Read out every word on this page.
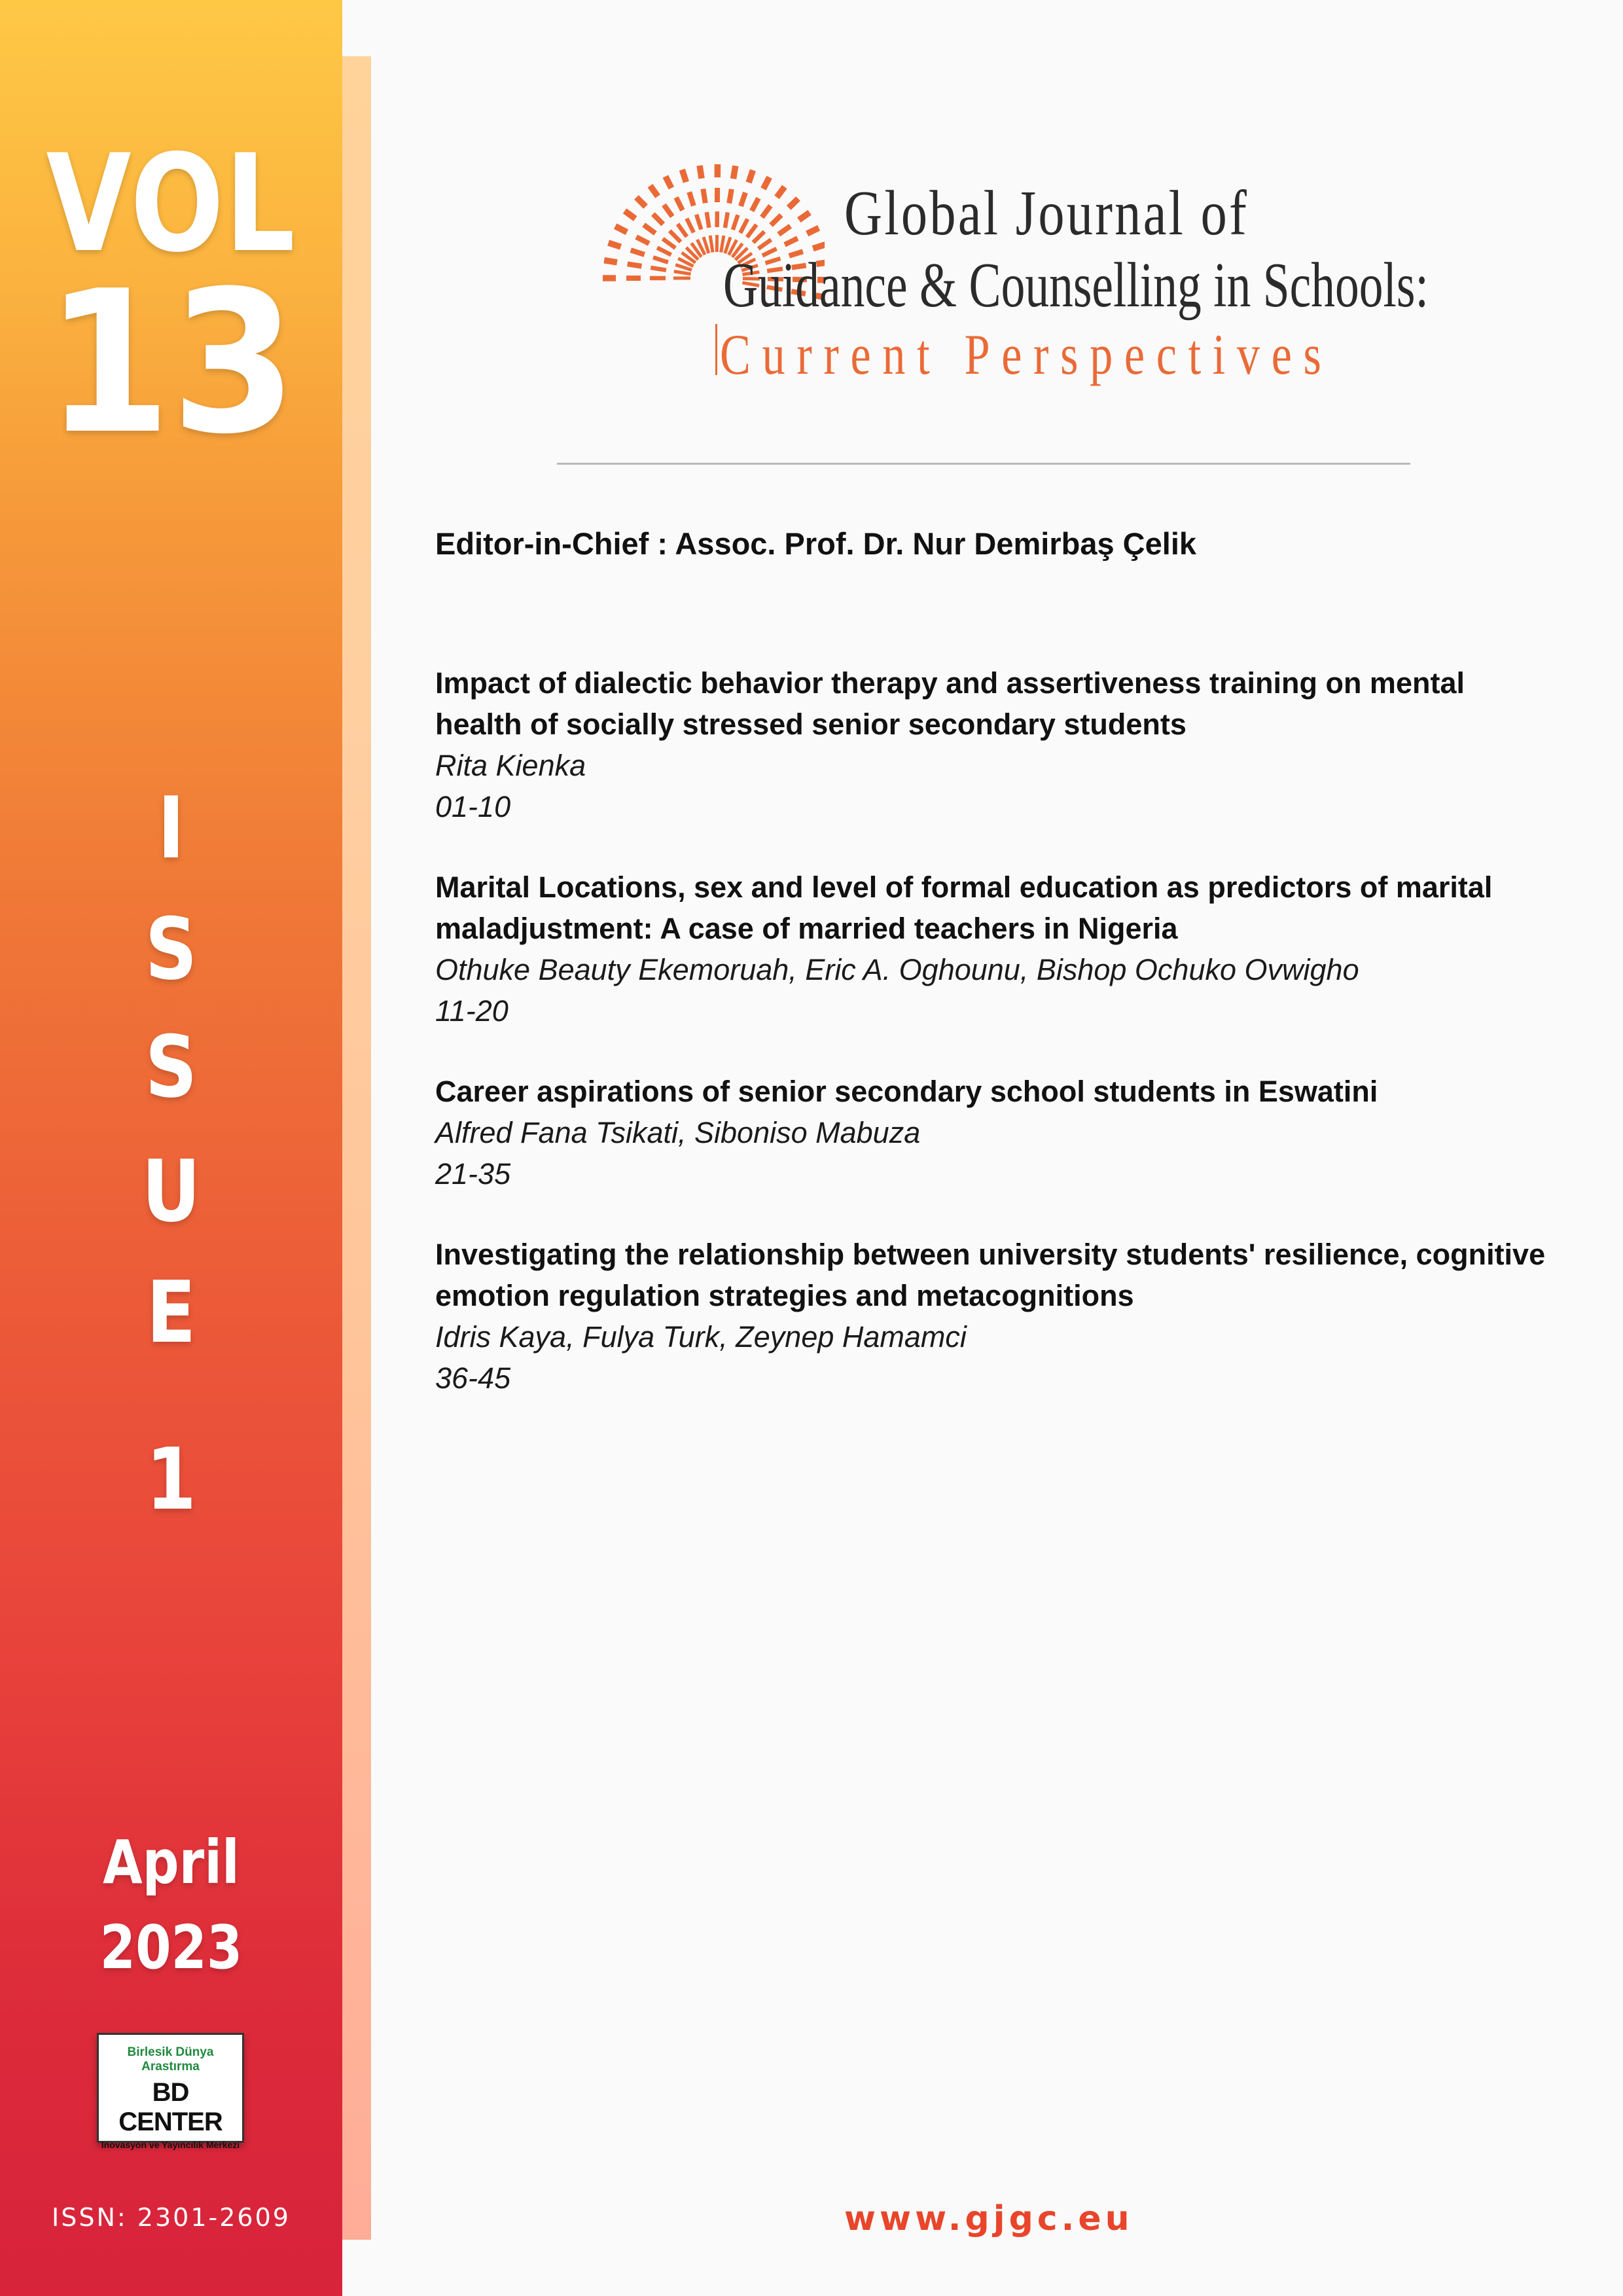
VOL
13
I
S
S
U
E
1
April
2023
Birlesik Dünya Arastırma
BD CENTER
Inovasyon ve Yayıncılık Merkezi
ISSN: 2301-2609
Global Journal of
Guidance & Counselling in Schools:
Current Perspectives
Editor-in-Chief : Assoc. Prof. Dr. Nur Demirbaş Çelik
Impact of dialectic behavior therapy and assertiveness training on mental health of socially stressed senior secondary students
Rita Kienka
01-10
Marital Locations, sex and level of formal education as predictors of marital maladjustment: A case of married teachers in Nigeria
Othuke Beauty Ekemoruah, Eric A. Oghounu, Bishop Ochuko Ovwigho
11-20
Career aspirations of senior secondary school students in Eswatini
Alfred Fana Tsikati, Siboniso Mabuza
21-35
Investigating the relationship between university students' resilience, cognitive emotion regulation strategies and metacognitions
Idris Kaya, Fulya Turk, Zeynep Hamamci
36-45
www.gjgc.eu
